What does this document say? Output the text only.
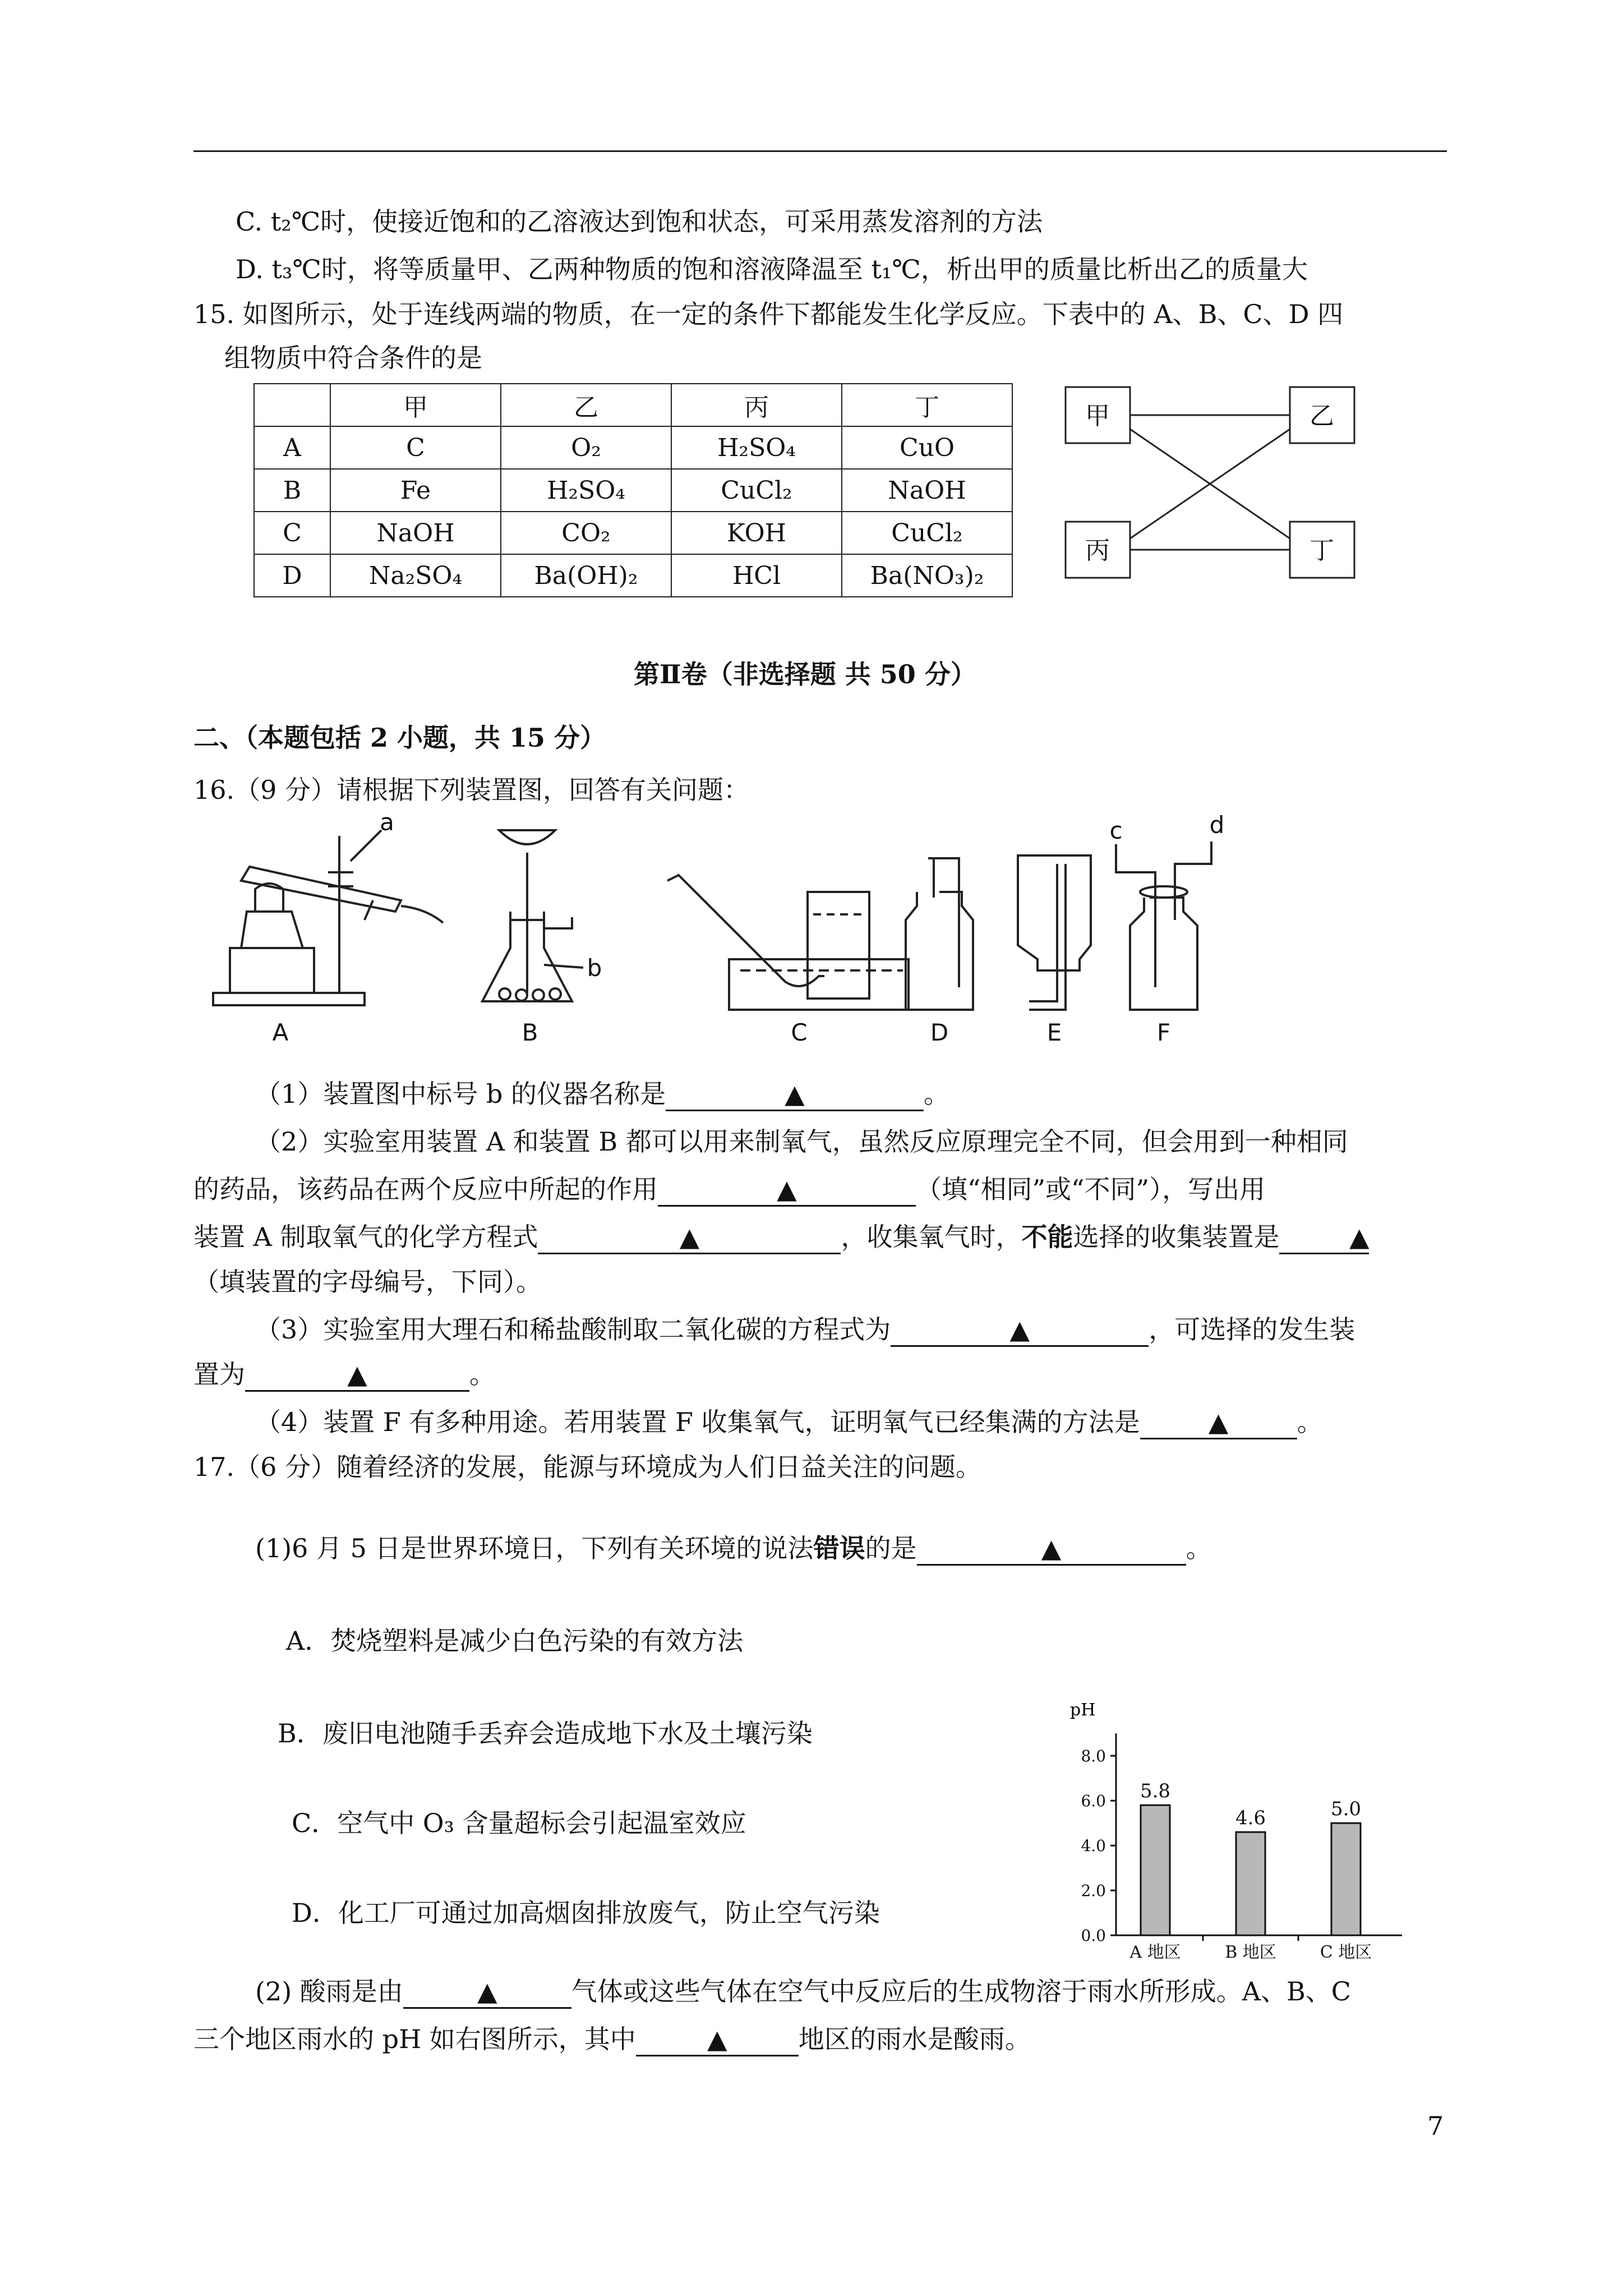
C. t₂℃时，使接近饱和的乙溶液达到饱和状态，可采用蒸发溶剂的方法
D. t₃℃时，将等质量甲、乙两种物质的饱和溶液降温至 t₁℃，析出甲的质量比析出乙的质量大
15. 如图所示，处于连线两端的物质，在一定的条件下都能发生化学反应。下表中的 A、B、C、D 四
组物质中符合条件的是
	甲	乙	丙	丁
A	C	O₂	H₂SO₄	CuO
B	Fe	H₂SO₄	CuCl₂	NaOH
C	NaOH	CO₂	KOH	CuCl₂
D	Na₂SO₄	Ba(OH)₂	HCl	Ba(NO₃)₂
甲	乙
丙	丁
第Ⅱ卷（非选择题 共 50 分）
二、（本题包括 2 小题，共 15 分）
16.（9 分）请根据下列装置图，回答有关问题：
a
b
c	d
A	B	C	D	E	F
（1）装置图中标号 b 的仪器名称是	▲	。
（2）实验室用装置 A 和装置 B 都可以用来制氧气，虽然反应原理完全不同，但会用到一种相同
的药品，该药品在两个反应中所起的作用	▲	（填“相同”或“不同”），写出用
装置 A 制取氧气的化学方程式	▲	，收集氧气时，不能选择的收集装置是	▲
（填装置的字母编号，下同）。
（3）实验室用大理石和稀盐酸制取二氧化碳的方程式为	▲	，可选择的发生装
置为	▲	。
（4）装置 F 有多种用途。若用装置 F 收集氧气，证明氧气已经集满的方法是	▲	。
17.（6 分）随着经济的发展，能源与环境成为人们日益关注的问题。
(1)6 月 5 日是世界环境日，下列有关环境的说法错误的是	▲	。
A．焚烧塑料是减少白色污染的有效方法
B．废旧电池随手丢弃会造成地下水及土壤污染
C．空气中 O₃ 含量超标会引起温室效应
D．化工厂可通过加高烟囱排放废气，防止空气污染
pH
0.0
2.0
4.0
6.0
8.0
5.8
4.6	5.0
A 地区	B 地区	C 地区
(2) 酸雨是由	▲	气体或这些气体在空气中反应后的生成物溶于雨水所形成。A、B、C
三个地区雨水的 pH 如右图所示，其中	▲	地区的雨水是酸雨。
7
